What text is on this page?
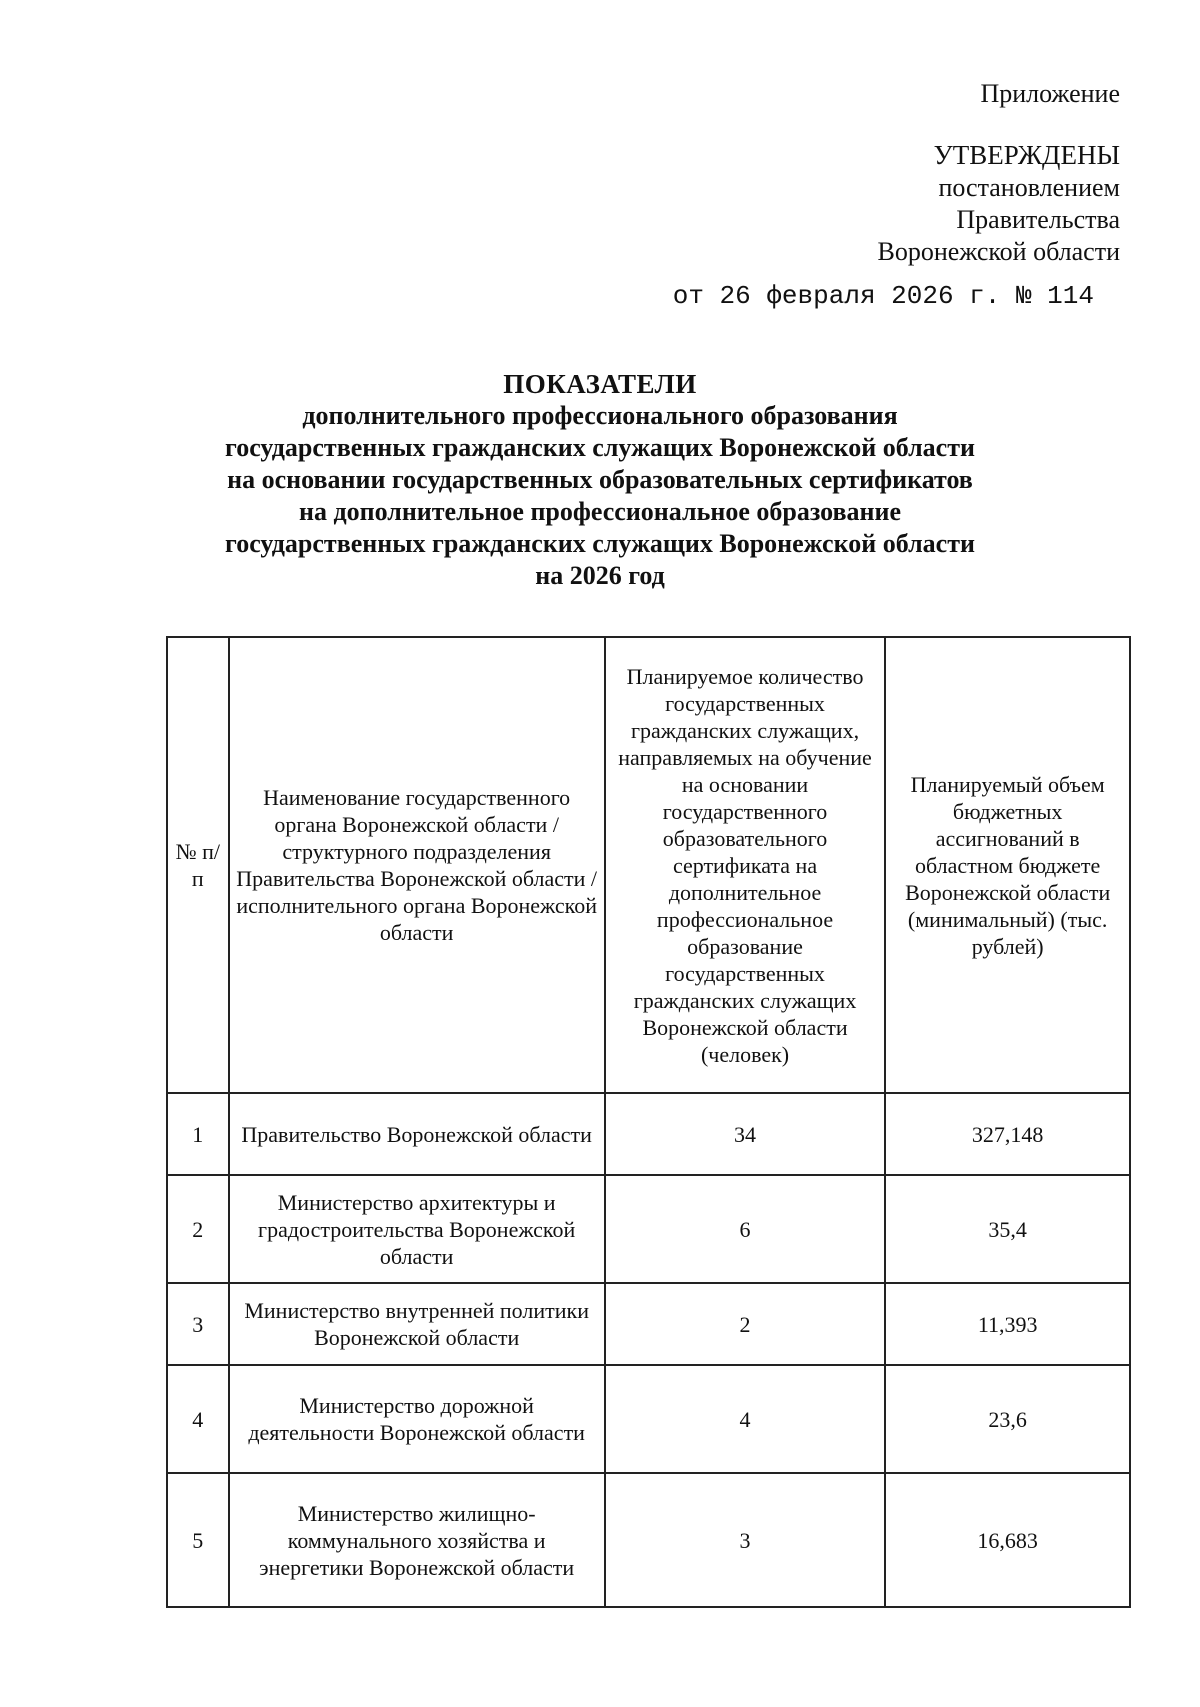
Приложение
УТВЕРЖДЕНЫ
постановлением
Правительства
Воронежской области
от 26 февраля 2026 г. № 114
ПОКАЗАТЕЛИ
дополнительного профессионального образования
государственных гражданских служащих Воронежской области
на основании государственных образовательных сертификатов
на дополнительное профессиональное образование
государственных гражданских служащих Воронежской области
на 2026 год
№ п/п	Наименование государственного органа Воронежской области / структурного подразделения Правительства Воронежской области / исполнительного органа Воронежской области	Планируемое количество государственных гражданских служащих, направляемых на обучение на основании государственного образовательного сертификата на дополнительное профессиональное образование государственных гражданских служащих Воронежской области (человек)	Планируемый объем бюджетных ассигнований в областном бюджете Воронежской области (минимальный) (тыс. рублей)
1	Правительство Воронежской области	34	327,148
2	Министерство архитектуры и градостроительства Воронежской области	6	35,4
3	Министерство внутренней политики Воронежской области	2	11,393
4	Министерство дорожной деятельности Воронежской области	4	23,6
5	Министерство жилищно-коммунального хозяйства и энергетики Воронежской области	3	16,683
